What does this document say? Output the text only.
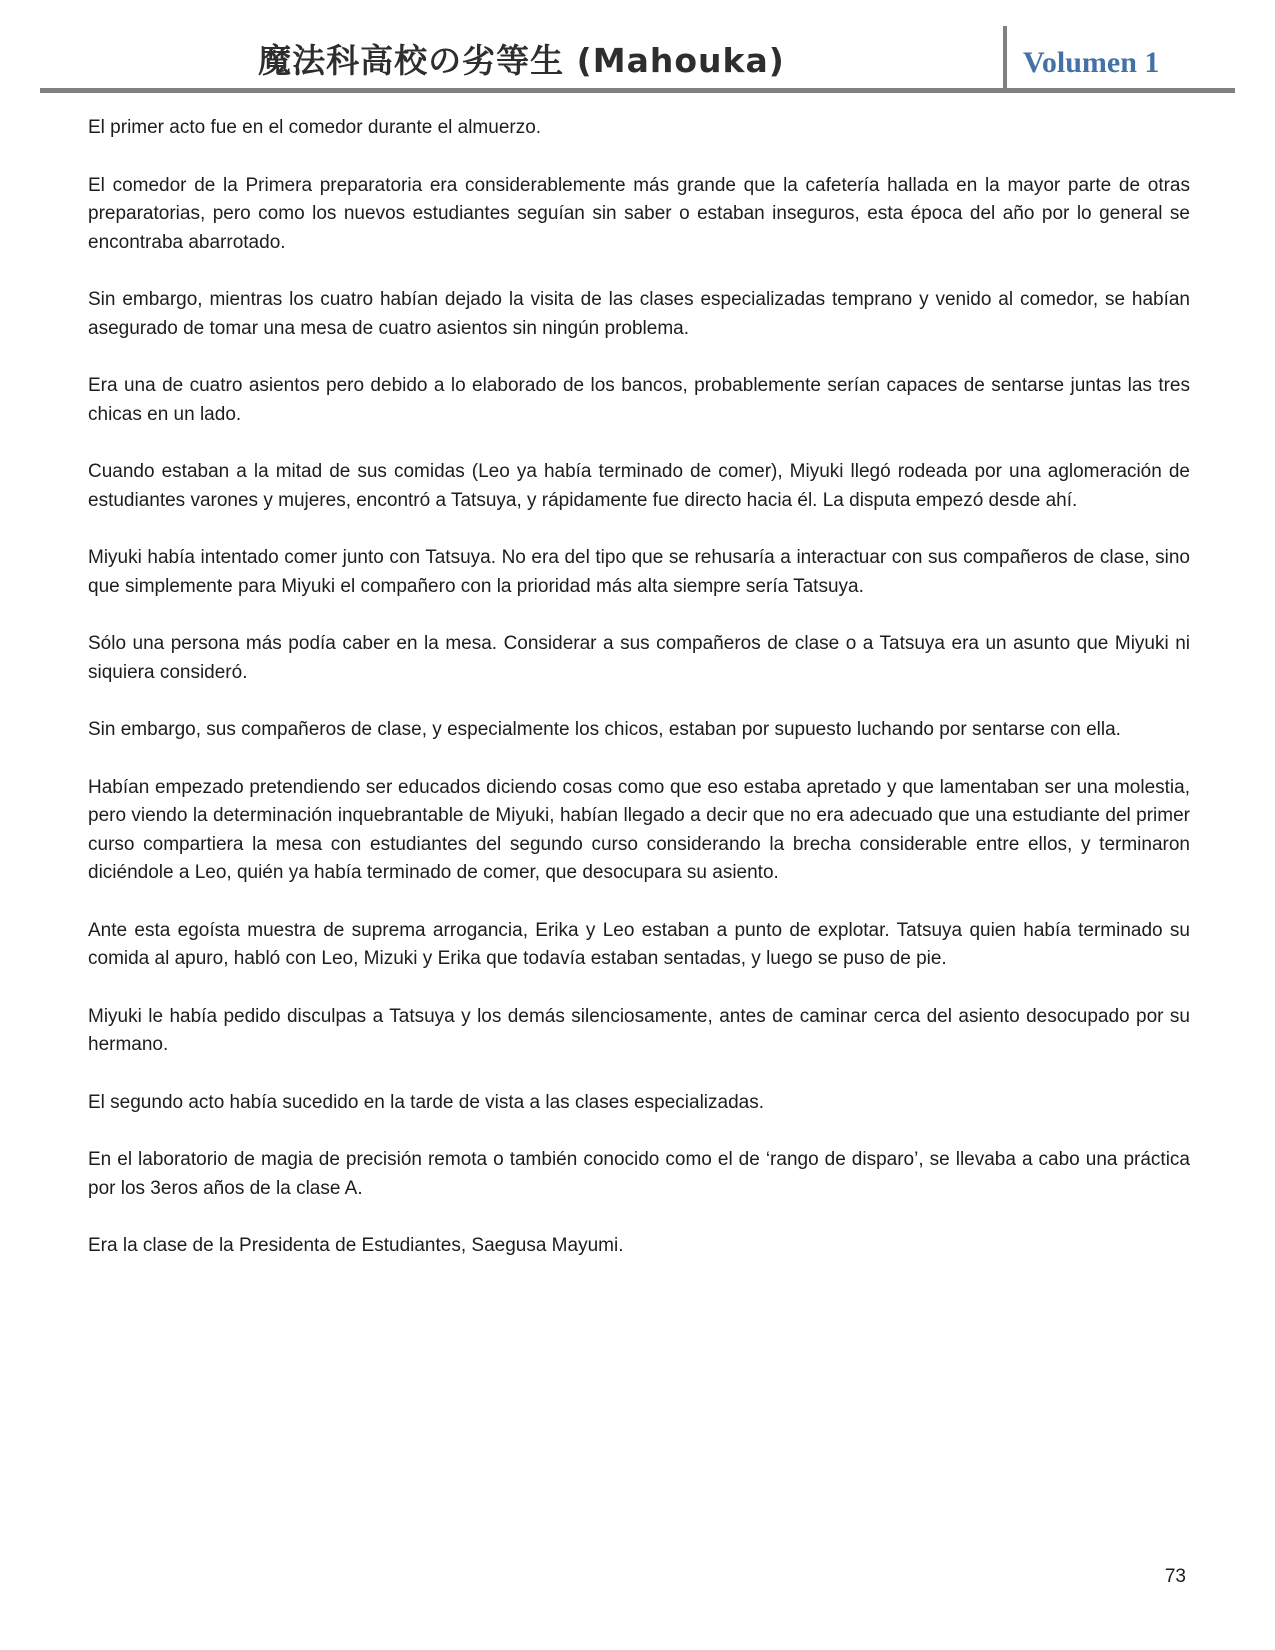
魔法科高校の劣等生 (Mahouka)	Volumen 1

El primer acto fue en el comedor durante el almuerzo.

El comedor de la Primera preparatoria era considerablemente más grande que la cafetería hallada en la mayor parte de otras preparatorias, pero como los nuevos estudiantes seguían sin saber o estaban inseguros, esta época del año por lo general se encontraba abarrotado.

Sin embargo, mientras los cuatro habían dejado la visita de las clases especializadas temprano y venido al comedor, se habían asegurado de tomar una mesa de cuatro asientos sin ningún problema.

Era una de cuatro asientos pero debido a lo elaborado de los bancos, probablemente serían capaces de sentarse juntas las tres chicas en un lado.

Cuando estaban a la mitad de sus comidas (Leo ya había terminado de comer), Miyuki llegó rodeada por una aglomeración de estudiantes varones y mujeres, encontró a Tatsuya, y rápidamente fue directo hacia él. La disputa empezó desde ahí.

Miyuki había intentado comer junto con Tatsuya. No era del tipo que se rehusaría a interactuar con sus compañeros de clase, sino que simplemente para Miyuki el compañero con la prioridad más alta siempre sería Tatsuya.

Sólo una persona más podía caber en la mesa. Considerar a sus compañeros de clase o a Tatsuya era un asunto que Miyuki ni siquiera consideró.

Sin embargo, sus compañeros de clase, y especialmente los chicos, estaban por supuesto luchando por sentarse con ella.

Habían empezado pretendiendo ser educados diciendo cosas como que eso estaba apretado y que lamentaban ser una molestia, pero viendo la determinación inquebrantable de Miyuki, habían llegado a decir que no era adecuado que una estudiante del primer curso compartiera la mesa con estudiantes del segundo curso considerando la brecha considerable entre ellos, y terminaron diciéndole a Leo, quién ya había terminado de comer, que desocupara su asiento.

Ante esta egoísta muestra de suprema arrogancia, Erika y Leo estaban a punto de explotar. Tatsuya quien había terminado su comida al apuro, habló con Leo, Mizuki y Erika que todavía estaban sentadas, y luego se puso de pie.

Miyuki le había pedido disculpas a Tatsuya y los demás silenciosamente, antes de caminar cerca del asiento desocupado por su hermano.

El segundo acto había sucedido en la tarde de vista a las clases especializadas.

En el laboratorio de magia de precisión remota o también conocido como el de ‘rango de disparo’, se llevaba a cabo una práctica por los 3eros años de la clase A.

Era la clase de la Presidenta de Estudiantes, Saegusa Mayumi.

73
